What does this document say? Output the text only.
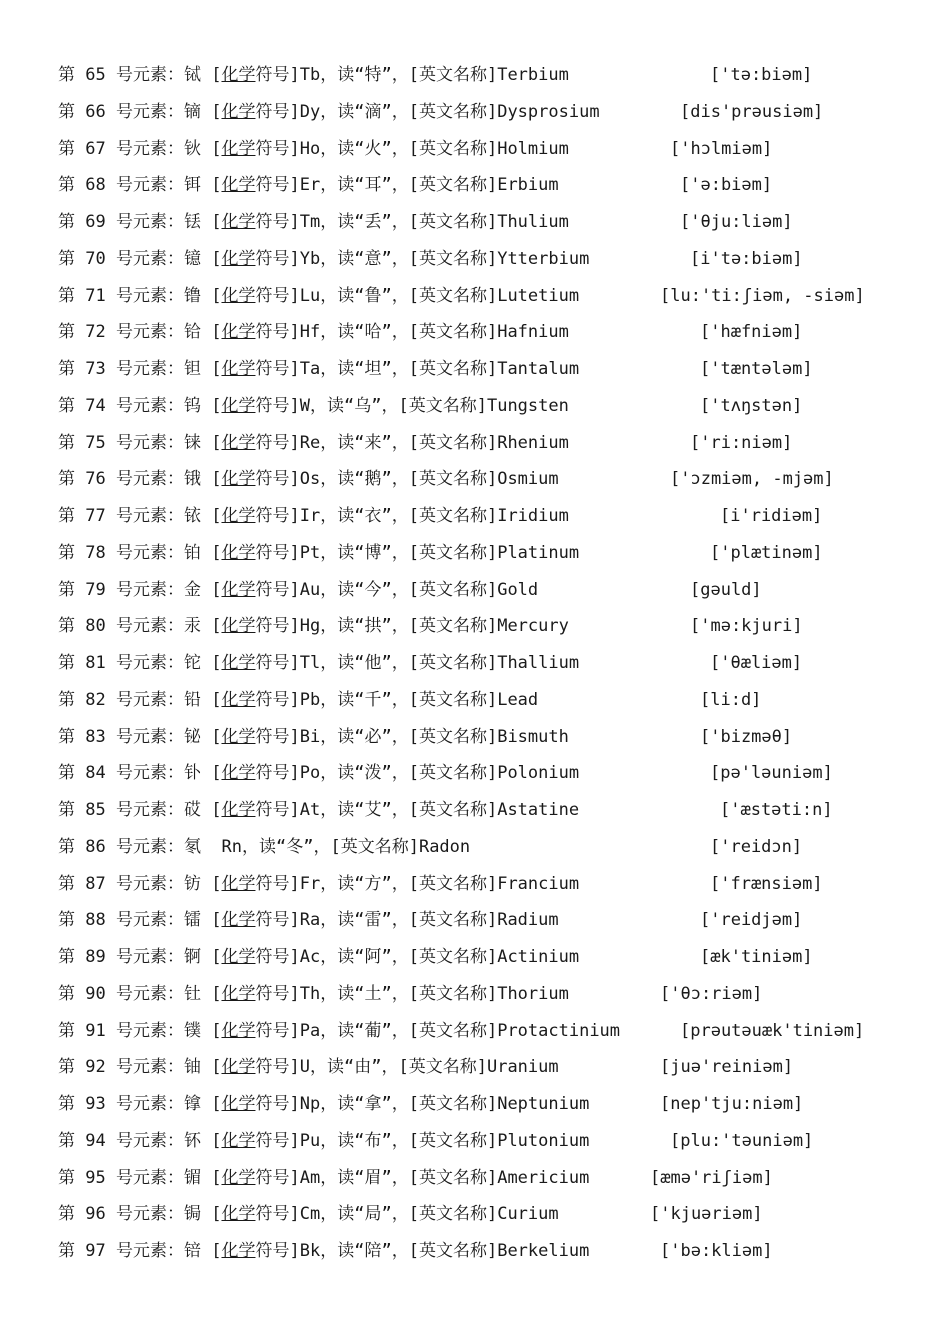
第 65 号元素：铽 [化学符号]Tb，读“特”，[英文名称]Terbium	['tə:biəm]
第 66 号元素：镝 [化学符号]Dy，读“滴”，[英文名称]Dysprosium	[dis'prəusiəm]
第 67 号元素：钬 [化学符号]Ho，读“火”，[英文名称]Holmium	['hɔlmiəm]
第 68 号元素：铒 [化学符号]Er，读“耳”，[英文名称]Erbium	['ə:biəm]
第 69 号元素：铥 [化学符号]Tm，读“丢”，[英文名称]Thulium	['θju:liəm]
第 70 号元素：镱 [化学符号]Yb，读“意”，[英文名称]Ytterbium	[i'tə:biəm]
第 71 号元素：镥 [化学符号]Lu，读“鲁”，[英文名称]Lutetium	[lu:'ti:ʃiəm, -siəm]
第 72 号元素：铪 [化学符号]Hf，读“哈”，[英文名称]Hafnium	['hæfniəm]
第 73 号元素：钽 [化学符号]Ta，读“坦”，[英文名称]Tantalum	['tæntələm]
第 74 号元素：钨 [化学符号]W，读“乌”，[英文名称]Tungsten	['tʌŋstən]
第 75 号元素：铼 [化学符号]Re，读“来”，[英文名称]Rhenium	['ri:niəm]
第 76 号元素：锇 [化学符号]Os，读“鹅”，[英文名称]Osmium	['ɔzmiəm, -mjəm]
第 77 号元素：铱 [化学符号]Ir，读“衣”，[英文名称]Iridium	[i'ridiəm]
第 78 号元素：铂 [化学符号]Pt，读“博”，[英文名称]Platinum	['plætinəm]
第 79 号元素：金 [化学符号]Au，读“今”，[英文名称]Gold	[gəuld]
第 80 号元素：汞 [化学符号]Hg，读“拱”，[英文名称]Mercury	['mə:kjuri]
第 81 号元素：铊 [化学符号]Tl，读“他”，[英文名称]Thallium	['θæliəm]
第 82 号元素：铅 [化学符号]Pb，读“千”，[英文名称]Lead	[li:d]
第 83 号元素：铋 [化学符号]Bi，读“必”，[英文名称]Bismuth	['bizməθ]
第 84 号元素：钋 [化学符号]Po，读“泼”，[英文名称]Polonium	[pə'ləuniəm]
第 85 号元素：砹 [化学符号]At，读“艾”，[英文名称]Astatine	['æstəti:n]
第 86 号元素：氡  Rn，读“冬”，[英文名称]Radon	['reidɔn]
第 87 号元素：钫 [化学符号]Fr，读“方”，[英文名称]Francium	['frænsiəm]
第 88 号元素：镭 [化学符号]Ra，读“雷”，[英文名称]Radium	['reidjəm]
第 89 号元素：锕 [化学符号]Ac，读“阿”，[英文名称]Actinium	[æk'tiniəm]
第 90 号元素：钍 [化学符号]Th，读“土”，[英文名称]Thorium	['θɔ:riəm]
第 91 号元素：镤 [化学符号]Pa，读“葡”，[英文名称]Protactinium	[prəutəuæk'tiniəm]
第 92 号元素：铀 [化学符号]U，读“由”，[英文名称]Uranium	[juə'reiniəm]
第 93 号元素：镎 [化学符号]Np，读“拿”，[英文名称]Neptunium	[nep'tju:niəm]
第 94 号元素：钚 [化学符号]Pu，读“布”，[英文名称]Plutonium	[plu:'təuniəm]
第 95 号元素：镅 [化学符号]Am，读“眉”，[英文名称]Americium	[æmə'riʃiəm]
第 96 号元素：锔 [化学符号]Cm，读“局”，[英文名称]Curium	['kjuəriəm]
第 97 号元素：锫 [化学符号]Bk，读“陪”，[英文名称]Berkelium	['bə:kliəm]
